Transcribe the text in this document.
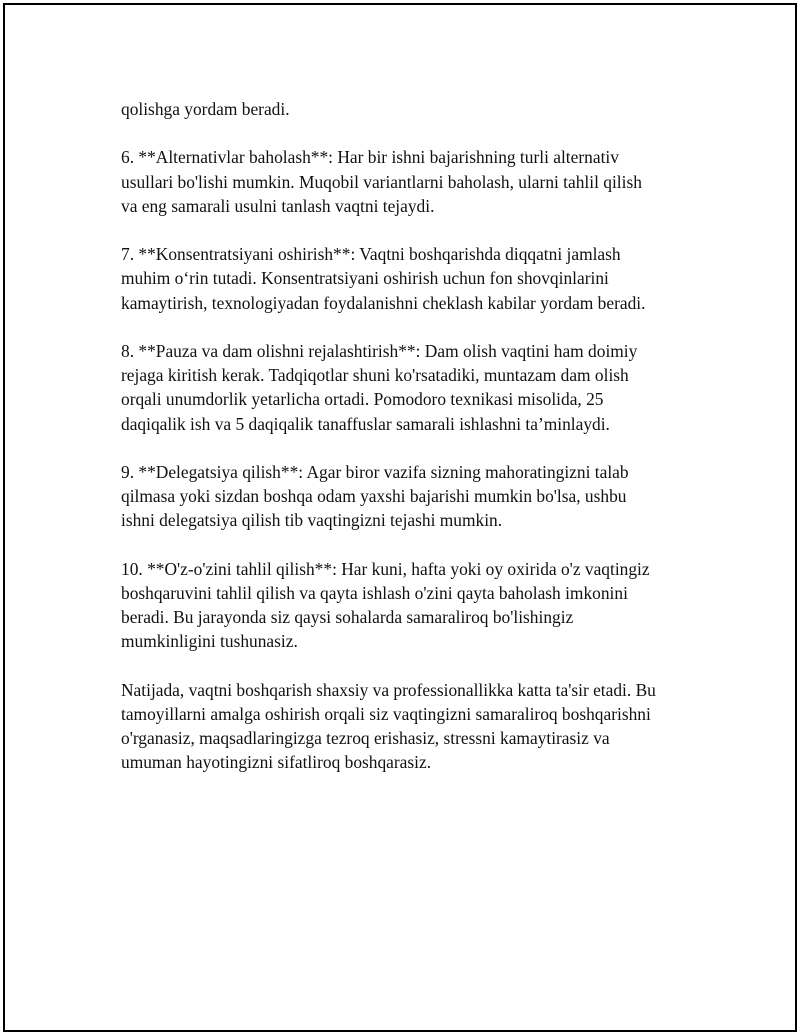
qolishga yordam beradi.

6. **Alternativlar baholash**: Har bir ishni bajarishning turli alternativ
usullari bo'lishi mumkin. Muqobil variantlarni baholash, ularni tahlil qilish
va eng samarali usulni tanlash vaqtni tejaydi.

7. **Konsentratsiyani oshirish**: Vaqtni boshqarishda diqqatni jamlash
muhim oʻrin tutadi. Konsentratsiyani oshirish uchun fon shovqinlarini
kamaytirish, texnologiyadan foydalanishni cheklash kabilar yordam beradi.

8. **Pauza va dam olishni rejalashtirish**: Dam olish vaqtini ham doimiy
rejaga kiritish kerak. Tadqiqotlar shuni ko'rsatadiki, muntazam dam olish
orqali unumdorlik yetarlicha ortadi. Pomodoro texnikasi misolida, 25
daqiqalik ish va 5 daqiqalik tanaffuslar samarali ishlashni ta’minlaydi.

9. **Delegatsiya qilish**: Agar biror vazifa sizning mahoratingizni talab
qilmasa yoki sizdan boshqa odam yaxshi bajarishi mumkin bo'lsa, ushbu
ishni delegatsiya qilish tib vaqtingizni tejashi mumkin.

10. **O'z-o'zini tahlil qilish**: Har kuni, hafta yoki oy oxirida o'z vaqtingiz
boshqaruvini tahlil qilish va qayta ishlash o'zini qayta baholash imkonini
beradi. Bu jarayonda siz qaysi sohalarda samaraliroq bo'lishingiz
mumkinligini tushunasiz.

Natijada, vaqtni boshqarish shaxsiy va professionallikka katta ta'sir etadi. Bu
tamoyillarni amalga oshirish orqali siz vaqtingizni samaraliroq boshqarishni
o'rganasiz, maqsadlaringizga tezroq erishasiz, stressni kamaytirasiz va
umuman hayotingizni sifatliroq boshqarasiz.
